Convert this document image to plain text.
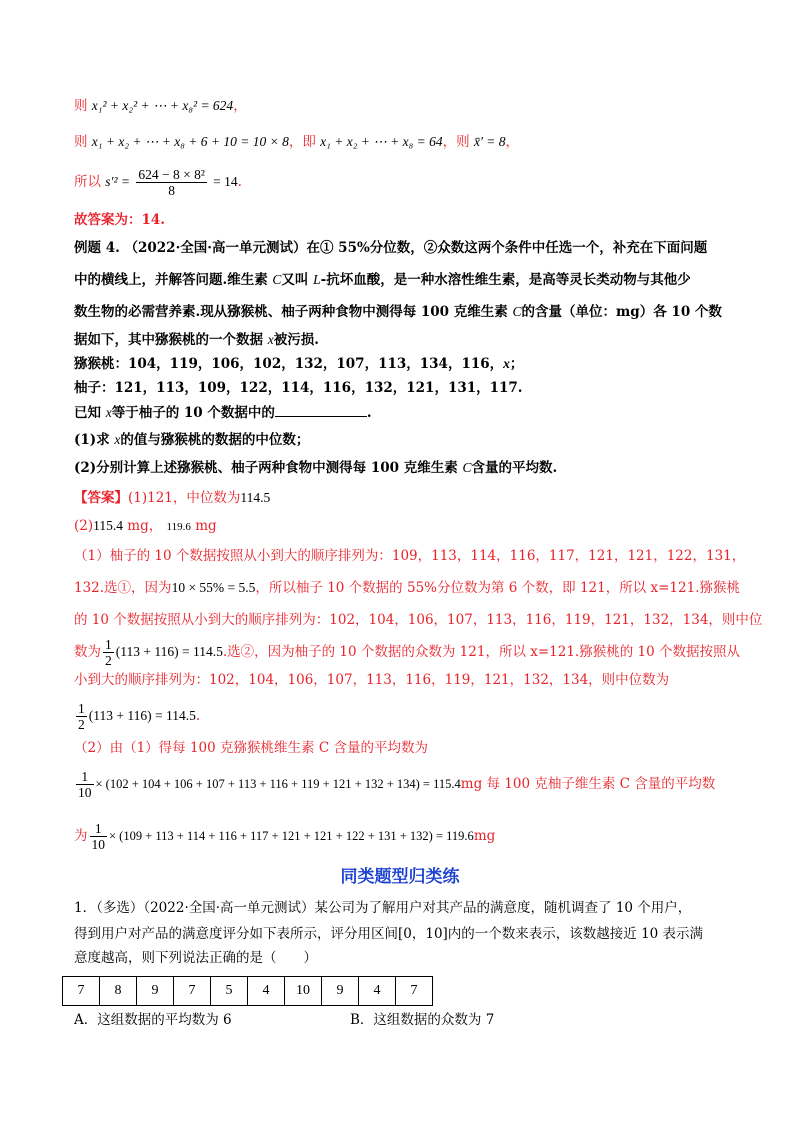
则 x₁² + x₂² + ⋯ + x₈² = 624，
则 x₁ + x₂ + ⋯ + x₈ + 6 + 10 = 10 × 8，即 x₁ + x₂ + ⋯ + x₈ = 64，则 x̄′ = 8，
所以 $s'^2 = \frac{\text{624 − 8 × 8²}}{8} = 14$.
故答案为：14.
例题 4. （2022·全国·高一单元测试）在① 55%分位数，②众数这两个条件中任选一个，补充在下面问题
中的横线上，并解答问题.维生素 C又叫 L-抗坏血酸，是一种水溶性维生素，是高等灵长类动物与其他少
数生物的必需营养素.现从猕猴桃、柚子两种食物中测得每 100 克维生素 C的含量（单位：mg）各 10 个数
据如下，其中猕猴桃的一个数据 x被污损.
猕猴桃：104，119，106，102，132，107，113，134，116，x；
柚子：121，113，109，122，114，116，132，121，131，117.
已知 x等于柚子的 10 个数据中的	.
(1)求 x的值与猕猴桃的数据的中位数；
(2)分别计算上述猕猴桃、柚子两种食物中测得每 100 克维生素 C含量的平均数.
【答案】(1)121，中位数为114.5
(2)115.4 mg， 119.6 mg
（1）柚子的 10 个数据按照从小到大的顺序排列为：109，113，114，116，117，121，121，122，131，
132.选①，因为10 × 55% = 5.5，所以柚子 10 个数据的 55%分位数为第 6 个数，即 121，所以 x=121.猕猴桃
的 10 个数据按照从小到大的顺序排列为：102，104，106，107，113，116，119，121，132，134，则中位
数为 $\frac{1}{2} (113 + 116) = 114.5$.选②，因为柚子的 10 个数据的众数为 121，所以 x=121.猕猴桃的 10 个数据按照从
小到大的顺序排列为：102，104，106，107，113，116，119，121，132，134，则中位数为
$\frac{1}{2} (113 + 116) = 114.5$.
（2）由（1）得每 100 克猕猴桃维生素 C 含量的平均数为
$\frac{1}{10} \times (102 + 104 + 106 + 107 + 113 + 116 + 119 + 121 + 132 + 134) = 115.4mg$ 每 100 克柚子维生素 C 含量的平均数
为 $\frac{1}{10} \times (109 + 113 + 114 + 116 + 117 + 121 + 121 + 122 + 131 + 132) = 119.6mg$
同类题型归类练
1．（多选）（2022·全国·高一单元测试）某公司为了解用户对其产品的满意度，随机调查了 10 个用户，
得到用户对产品的满意度评分如下表所示，评分用区间[0，10]内的一个数来表示，该数越接近 10 表示满
意度越高，则下列说法正确的是（　　）
7	8	9	7	5	4	10	9	4	7
A．这组数据的平均数为 6	B．这组数据的众数为 7
